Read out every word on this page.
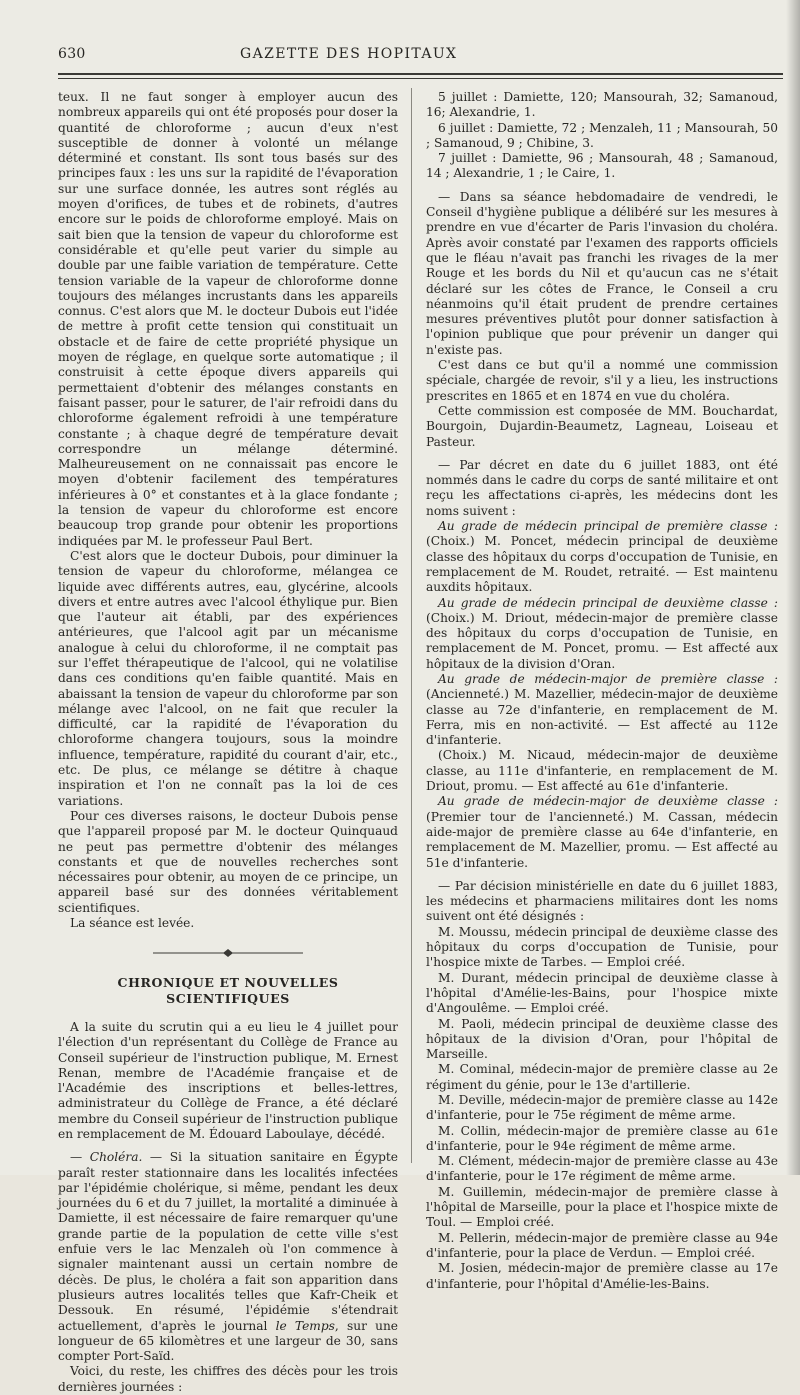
630	GAZETTE DES HOPITAUX

teux. Il ne faut songer à employer aucun des nombreux appareils qui ont été proposés pour doser la quantité de chloroforme ; aucun d'eux n'est susceptible de donner à volonté un mélange déterminé et constant. Ils sont tous basés sur des principes faux : les uns sur la rapidité de l'évaporation sur une surface donnée, les autres sont réglés au moyen d'orifices, de tubes et de robinets, d'autres encore sur le poids de chloroforme employé. Mais on sait bien que la tension de vapeur du chloroforme est considérable et qu'elle peut varier du simple au double par une faible variation de température. Cette tension variable de la vapeur de chloroforme donne toujours des mélanges incrustants dans les appareils connus. C'est alors que M. le docteur Dubois eut l'idée de mettre à profit cette tension qui constituait un obstacle et de faire de cette propriété physique un moyen de réglage, en quelque sorte automatique ; il construisit à cette époque divers appareils qui permettaient d'obtenir des mélanges constants en faisant passer, pour le saturer, de l'air refroidi dans du chloroforme également refroidi à une température constante ; à chaque degré de température devait correspondre un mélange déterminé. Malheureusement on ne connaissait pas encore le moyen d'obtenir facilement des températures inférieures à 0° et constantes et à la glace fondante ; la tension de vapeur du chloroforme est encore beaucoup trop grande pour obtenir les proportions indiquées par M. le professeur Paul Bert.

C'est alors que le docteur Dubois, pour diminuer la tension de vapeur du chloroforme, mélangea ce liquide avec différents autres, eau, glycérine, alcools divers et entre autres avec l'alcool éthylique pur. Bien que l'auteur ait établi, par des expériences antérieures, que l'alcool agit par un mécanisme analogue à celui du chloroforme, il ne comptait pas sur l'effet thérapeutique de l'alcool, qui ne volatilise dans ces conditions qu'en faible quantité. Mais en abaissant la tension de vapeur du chloroforme par son mélange avec l'alcool, on ne fait que reculer la difficulté, car la rapidité de l'évaporation du chloroforme changera toujours, sous la moindre influence, température, rapidité du courant d'air, etc., etc. De plus, ce mélange se détitre à chaque inspiration et l'on ne connaît pas la loi de ces variations.

Pour ces diverses raisons, le docteur Dubois pense que l'appareil proposé par M. le docteur Quinquaud ne peut pas permettre d'obtenir des mélanges constants et que de nouvelles recherches sont nécessaires pour obtenir, au moyen de ce principe, un appareil basé sur des données véritablement scientifiques.

La séance est levée.

CHRONIQUE ET NOUVELLES SCIENTIFIQUES

A la suite du scrutin qui a eu lieu le 4 juillet pour l'élection d'un représentant du Collège de France au Conseil supérieur de l'instruction publique, M. Ernest Renan, membre de l'Académie française et de l'Académie des inscriptions et belles-lettres, administrateur du Collège de France, a été déclaré membre du Conseil supérieur de l'instruction publique en remplacement de M. Édouard Laboulaye, décédé.

— Choléra. — Si la situation sanitaire en Égypte paraît rester stationnaire dans les localités infectées par l'épidémie cholérique, si même, pendant les deux journées du 6 et du 7 juillet, la mortalité a diminuée à Damiette, il est nécessaire de faire remarquer qu'une grande partie de la population de cette ville s'est enfuie vers le lac Menzaleh où l'on commence à signaler maintenant aussi un certain nombre de décès. De plus, le choléra a fait son apparition dans plusieurs autres localités telles que Kafr-Cheik et Dessouk. En résumé, l'épidémie s'étendrait actuellement, d'après le journal le Temps, sur une longueur de 65 kilomètres et une largeur de 30, sans compter Port-Saïd.

Voici, du reste, les chiffres des décès pour les trois dernières journées :

5 juillet : Damiette, 120; Mansourah, 32; Samanoud, 16; Alexandrie, 1.

6 juillet : Damiette, 72 ; Menzaleh, 11 ; Mansourah, 50 ; Samanoud, 9 ; Chibine, 3.

7 juillet : Damiette, 96 ; Mansourah, 48 ; Samanoud, 14 ; Alexandrie, 1 ; le Caire, 1.

— Dans sa séance hebdomadaire de vendredi, le Conseil d'hygiène publique a délibéré sur les mesures à prendre en vue d'écarter de Paris l'invasion du choléra. Après avoir constaté par l'examen des rapports officiels que le fléau n'avait pas franchi les rivages de la mer Rouge et les bords du Nil et qu'aucun cas ne s'était déclaré sur les côtes de France, le Conseil a cru néanmoins qu'il était prudent de prendre certaines mesures préventives plutôt pour donner satisfaction à l'opinion publique que pour prévenir un danger qui n'existe pas.

C'est dans ce but qu'il a nommé une commission spéciale, chargée de revoir, s'il y a lieu, les instructions prescrites en 1865 et en 1874 en vue du choléra.

Cette commission est composée de MM. Bouchardat, Bourgoin, Dujardin-Beaumetz, Lagneau, Loiseau et Pasteur.

— Par décret en date du 6 juillet 1883, ont été nommés dans le cadre du corps de santé militaire et ont reçu les affectations ci-après, les médecins dont les noms suivent :

Au grade de médecin principal de première classe : (Choix.) M. Poncet, médecin principal de deuxième classe des hôpitaux du corps d'occupation de Tunisie, en remplacement de M. Roudet, retraité. — Est maintenu auxdits hôpitaux.

Au grade de médecin principal de deuxième classe : (Choix.) M. Driout, médecin-major de première classe des hôpitaux du corps d'occupation de Tunisie, en remplacement de M. Poncet, promu. — Est affecté aux hôpitaux de la division d'Oran.

Au grade de médecin-major de première classe : (Ancienneté.) M. Mazellier, médecin-major de deuxième classe au 72e d'infanterie, en remplacement de M. Ferra, mis en non-activité. — Est affecté au 112e d'infanterie.

(Choix.) M. Nicaud, médecin-major de deuxième classe, au 111e d'infanterie, en remplacement de M. Driout, promu. — Est affecté au 61e d'infanterie.

Au grade de médecin-major de deuxième classe : (Premier tour de l'ancienneté.) M. Cassan, médecin aide-major de première classe au 64e d'infanterie, en remplacement de M. Mazellier, promu. — Est affecté au 51e d'infanterie.

— Par décision ministérielle en date du 6 juillet 1883, les médecins et pharmaciens militaires dont les noms suivent ont été désignés :

M. Moussu, médecin principal de deuxième classe des hôpitaux du corps d'occupation de Tunisie, pour l'hospice mixte de Tarbes. — Emploi créé.

M. Durant, médecin principal de deuxième classe à l'hôpital d'Amélie-les-Bains, pour l'hospice mixte d'Angoulême. — Emploi créé.

M. Paoli, médecin principal de deuxième classe des hôpitaux de la division d'Oran, pour l'hôpital de Marseille.

M. Cominal, médecin-major de première classe au 2e régiment du génie, pour le 13e d'artillerie.

M. Deville, médecin-major de première classe au 142e d'infanterie, pour le 75e régiment de même arme.

M. Collin, médecin-major de première classe au 61e d'infanterie, pour le 94e régiment de même arme.

M. Clément, médecin-major de première classe au 43e d'infanterie, pour le 17e régiment de même arme.

M. Guillemin, médecin-major de première classe à l'hôpital de Marseille, pour la place et l'hospice mixte de Toul. — Emploi créé.

M. Pellerin, médecin-major de première classe au 94e d'infanterie, pour la place de Verdun. — Emploi créé.

M. Josien, médecin-major de première classe au 17e d'infanterie, pour l'hôpital d'Amélie-les-Bains.
